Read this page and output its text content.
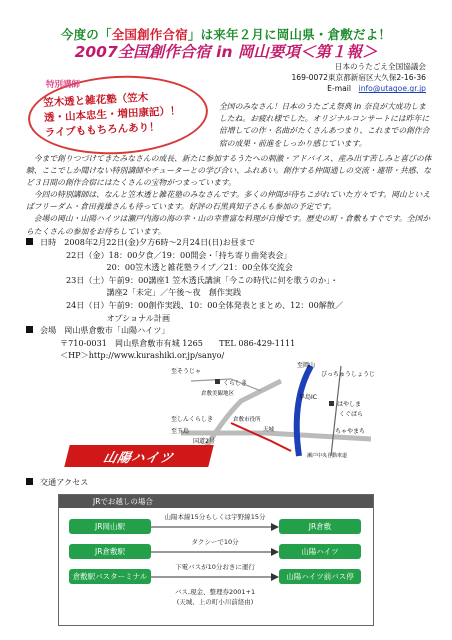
今度の「全国創作合宿」は来年２月に岡山県・倉敷だよ！
2007全国創作合宿 in 岡山要項＜第１報＞
日本のうたごえ全国協議会
169-0072東京都新宿区大久保2-16-36
E-mail　 info@utagoe.gr.jp
特別講師
笠木透と雑花塾（笠木
透・山本忠生・増田康記）！
ライブももちろんあり！
全国のみなさん！日本のうたごえ祭典 in 奈良が大成功しましたね。お疲れ様でした。オリジナルコンサートには昨年に倍増しての作・名曲がたくさんあつまり、これまでの創作合宿の成果・前進をしっかり感じています。
今まで創りつづけてきたみなさんの成長、新たに参加するうたへの刺激・アドバイス、産み出す苦しみと喜びの体験、ここでしか聞けない特別講師やチューターとの学び合い、ふれあい。創作する仲間通しの交流・連帯・共感、など３日間の創作合宿にはたくさんの宝物がつまっています。
今回の特別講師は、なんと笠木透と雑花塾のみなさんです。多くの仲間が待ちこがれていた方々です。岡山といえばフリーダム・倉田義雄さんも待っています。好評の石黒真知子さんも参加の予定です。
会場の岡山・山陽ハイツは瀬戸内海の海の幸・山の幸豊富な料理が自慢です。歴史の町・倉敷もすぐです。全国からたくさんの参加をお待ちしています。
日時　2008年2月22日(金)夕方6時～2月24日(日)お昼まで
22日（金）18：00夕食／19：00開会・「持ち寄り曲発表会」
　　　　　20：00笠木透と雑花塾ライブ／21：00全体交流会
23日（土）午前9：00講座1 笠木透氏講演「今この時代に何を歌うのか」・
　　　　　講座2「未定」／午後～夜　創作実践
24日（日）午前9：00創作実践、10：00全体発表とまとめ、12：00解散／
　　　　　オプショナル計画
会場　岡山県倉敷市「山陽ハイツ」
〒710-0031　岡山県倉敷市有城 1265　　TEL 086-429-1111
＜HP＞http://www.kurashiki.or.jp/sanyo/
至岡山
びっちゅうしょうじ
至そうじゃ
くらしき
倉敷美観地区	早島IC
はやしま
くぐばら
至しんくらしき
至玉島
国道2号
倉敷市役所
天城	ちゃやまち
瀬戸中央自動車道
山陽ハイツ
交通アクセス
JRでお越しの場合
山陽本線15分もしくは宇野線15分
JR岡山駅	JR倉敷
タクシーで10分
JR倉敷駅	山陽ハイツ
下電バスが10分おきに運行
倉敷駅バスターミナル	山陽ハイツ前バス停
バス,現金、整理券2001+1
(天城、上の町小川前経由)
